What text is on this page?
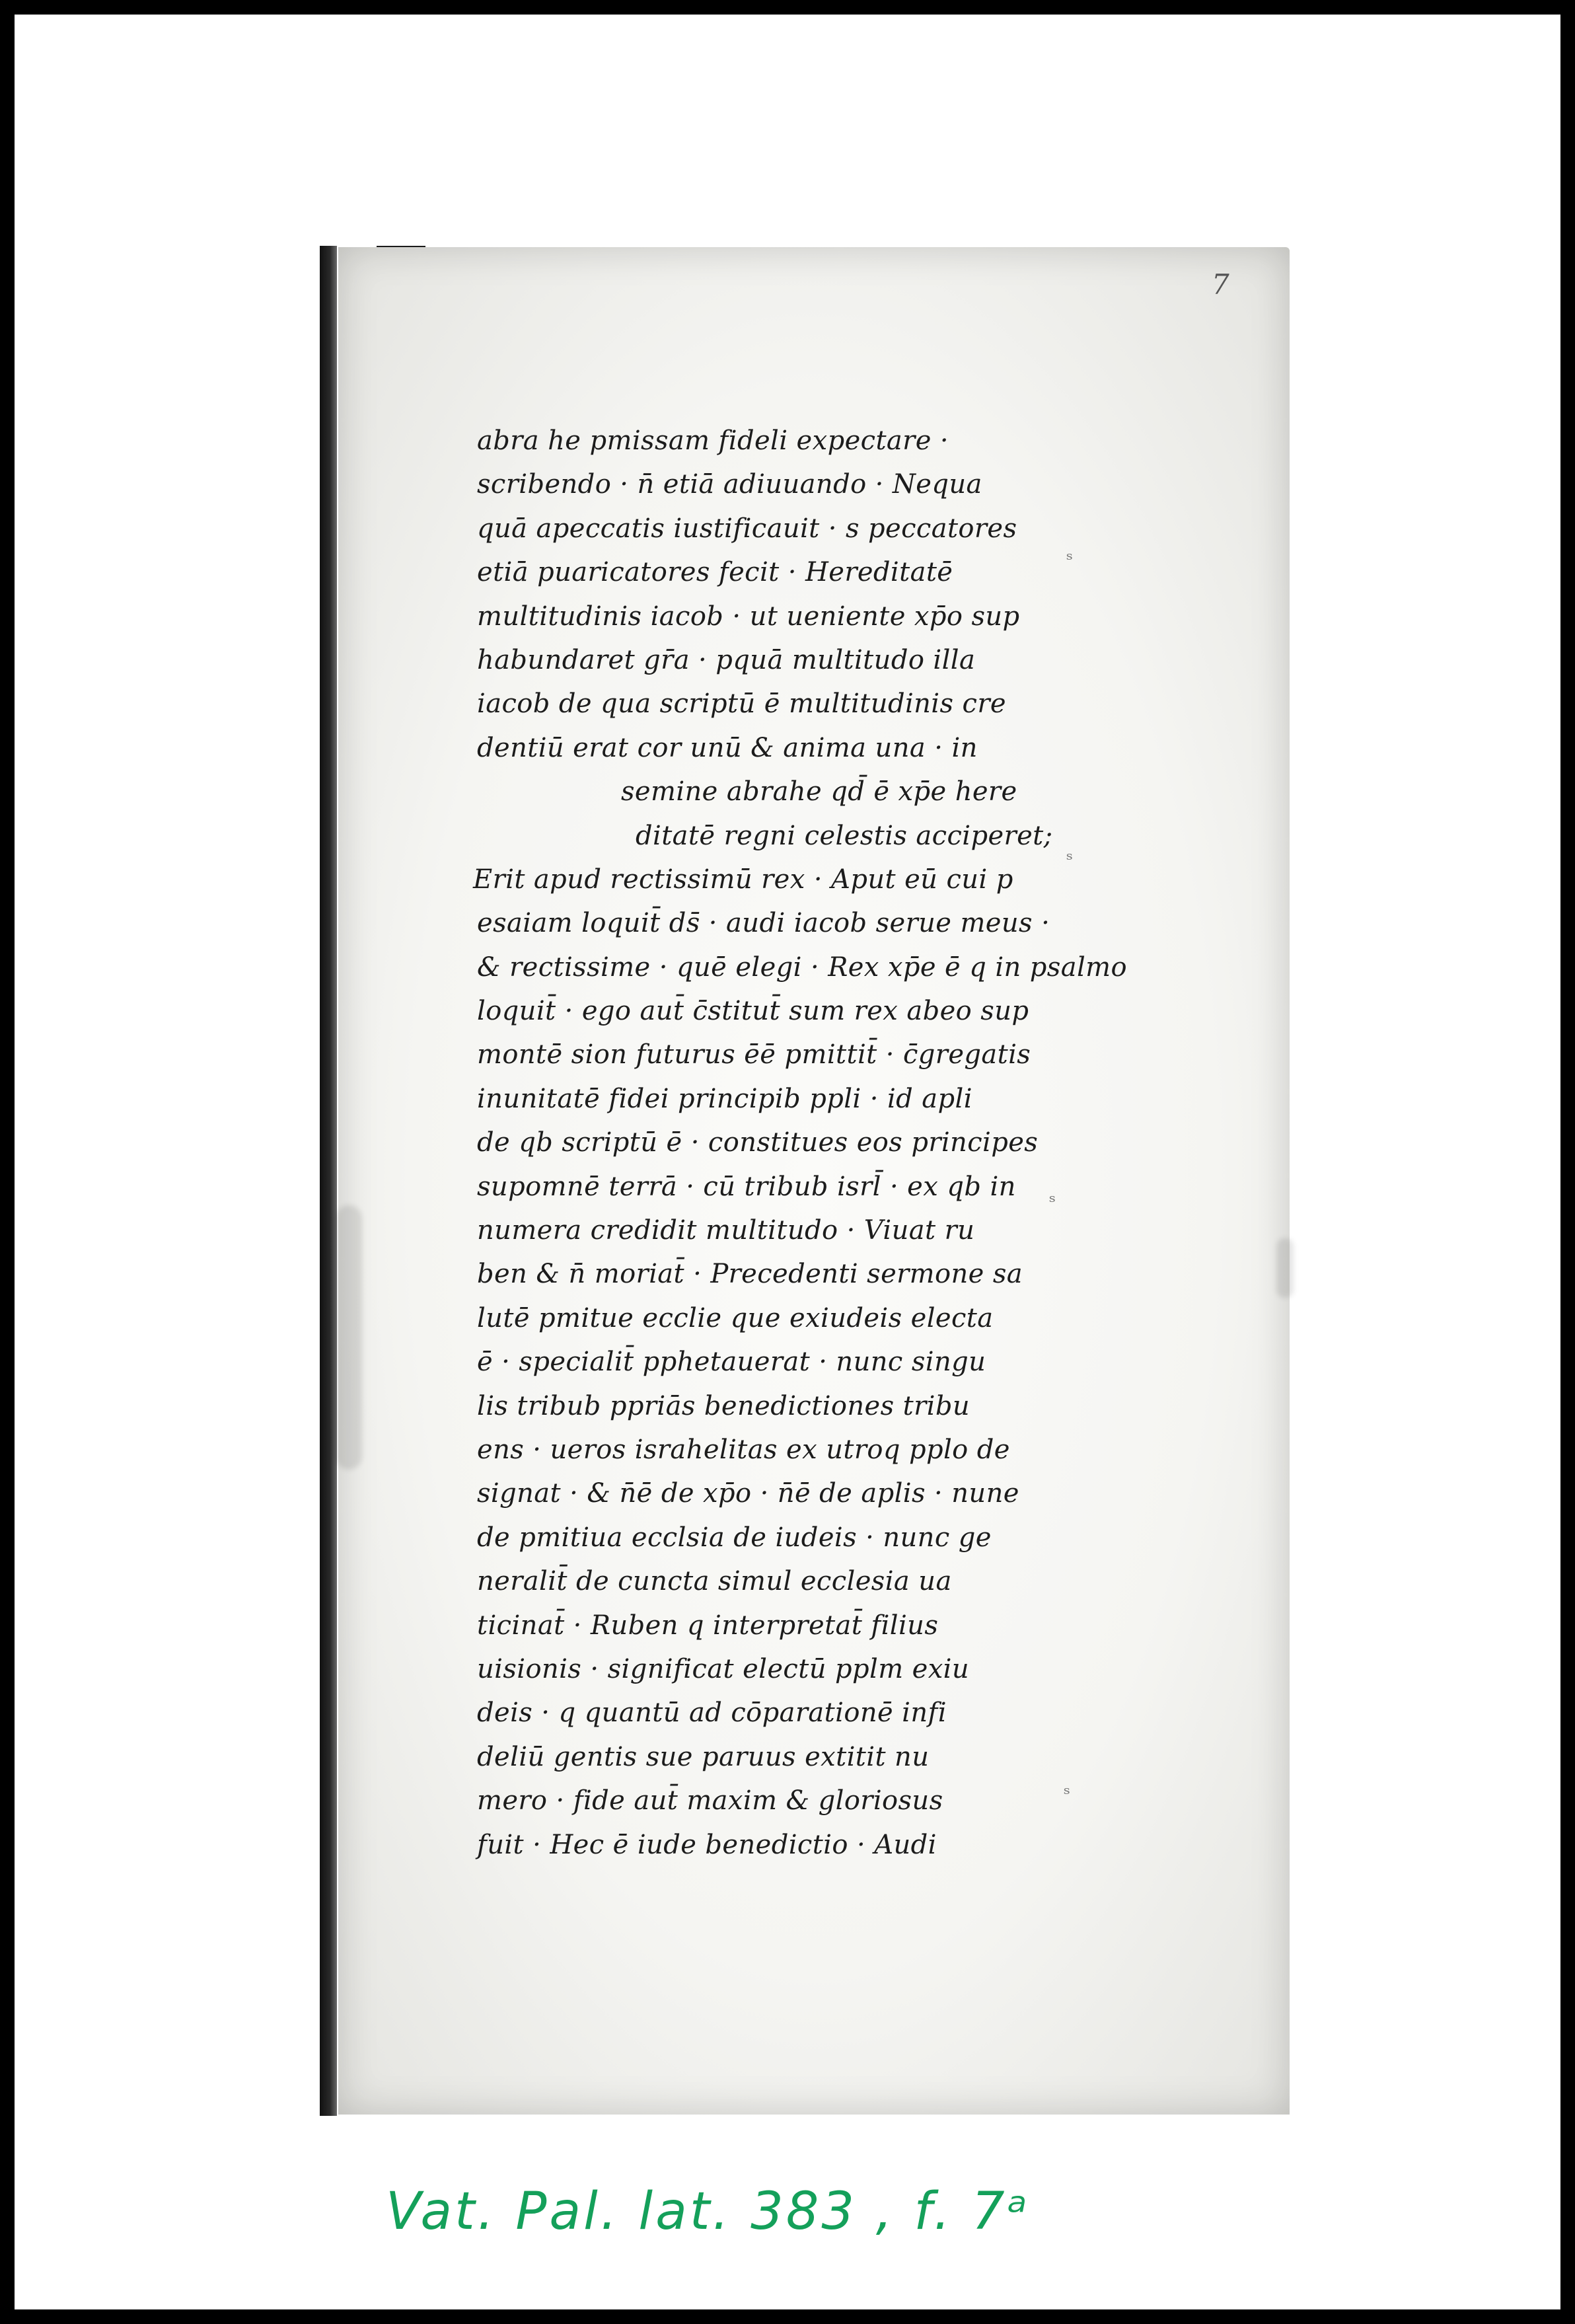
7
abra he pmissam fideli expectare ·
scribendo · n̄ etiā adiuuando · Nequa
quā apeccatis iustificauit · s peccatores
etiā puaricatores fecit · Hereditatē
multitudinis iacob · ut ueniente xp̄o sup
habundaret gr̄a · pquā multitudo illa
iacob de qua scriptū ē multitudinis cre
dentiū erat cor unū & anima una · in
semine abrahe qd̄ ē xp̄e here
ditatē regni celestis acciperet;
Erit apud rectissimū rex · Aput eū cui p
esaiam loquit̄ ds̄ · audi iacob serue meus ·
& rectissime · quē elegi · Rex xp̄e ē q in psalmo
loquit̄ · ego aut̄ c̄stitut̄ sum rex abeo sup
montē sion futurus ēē pmittit̄ · c̄gregatis
inunitatē fidei principib ppli · id apli
de qb scriptū ē · constitues eos principes
supomnē terrā · cū tribub isrl̄ · ex qb in
numera credidit multitudo · Viuat ru
ben & n̄ moriat̄ · Precedenti sermone sa
lutē pmitue ecclie que exiudeis electa
ē · specialit̄ pphetauerat · nunc singu
lis tribub ppriās benedictiones tribu
ens · ueros israhelitas ex utroq pplo de
signat · & n̄ē de xp̄o · n̄ē de aplis · nune
de pmitiua ecclsia de iudeis · nunc ge
neralit̄ de cuncta simul ecclesia ua
ticinat̄ · Ruben q interpretat̄ filius
uisionis · significat electū pplm exiu
deis · q quantū ad cōparationē infi
deliū gentis sue paruus extitit nu
mero · fide aut̄ maxim & gloriosus
fuit · Hec ē iude benedictio · Audi
ˢ
ˢ
ˢ
ˢ
Vat. Pal. lat. 383 , f. 7ᵃ
